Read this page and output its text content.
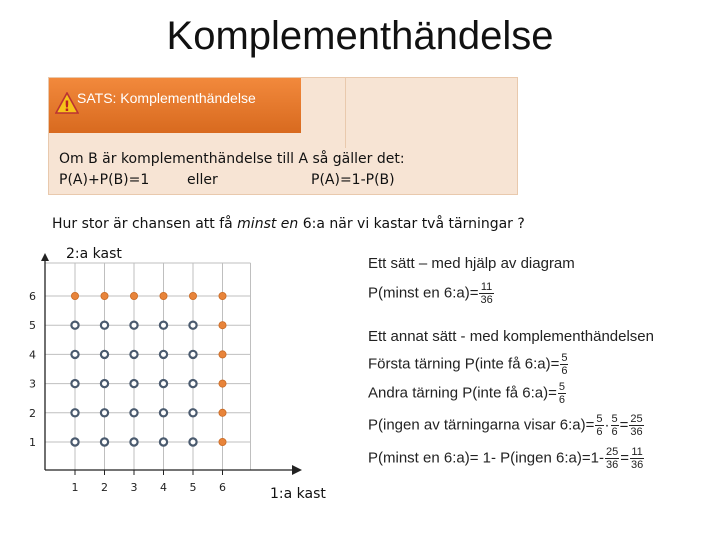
Komplementhändelse
!
SATS: Komplementhändelse
Om B är komplementhändelse till A så gäller det:
P(A)+P(B)=1	eller	P(A)=1-P(B)
Hur stor är chansen att få minst en 6:a när vi kastar två tärningar ?
2:a kast
1:a kast
1 2 3 4 5 6
1
2
3
4
5
6
Ett sätt – med hjälp av diagram
P(minst en 6:a)= $\frac{11}{36}$
Ett annat sätt - med komplementhändelsen
Första tärning P(inte få 6:a)= $\frac{5}{6}$
Andra tärning P(inte få 6:a)= $\frac{5}{6}$
P(ingen av tärningarna visar 6:a)= $\frac{5}{6} \cdot \frac{5}{6} = \frac{25}{36}$
P(minst en 6:a)= 1- P(ingen 6:a)=1- $\frac{25}{36} = \frac{11}{36}$
